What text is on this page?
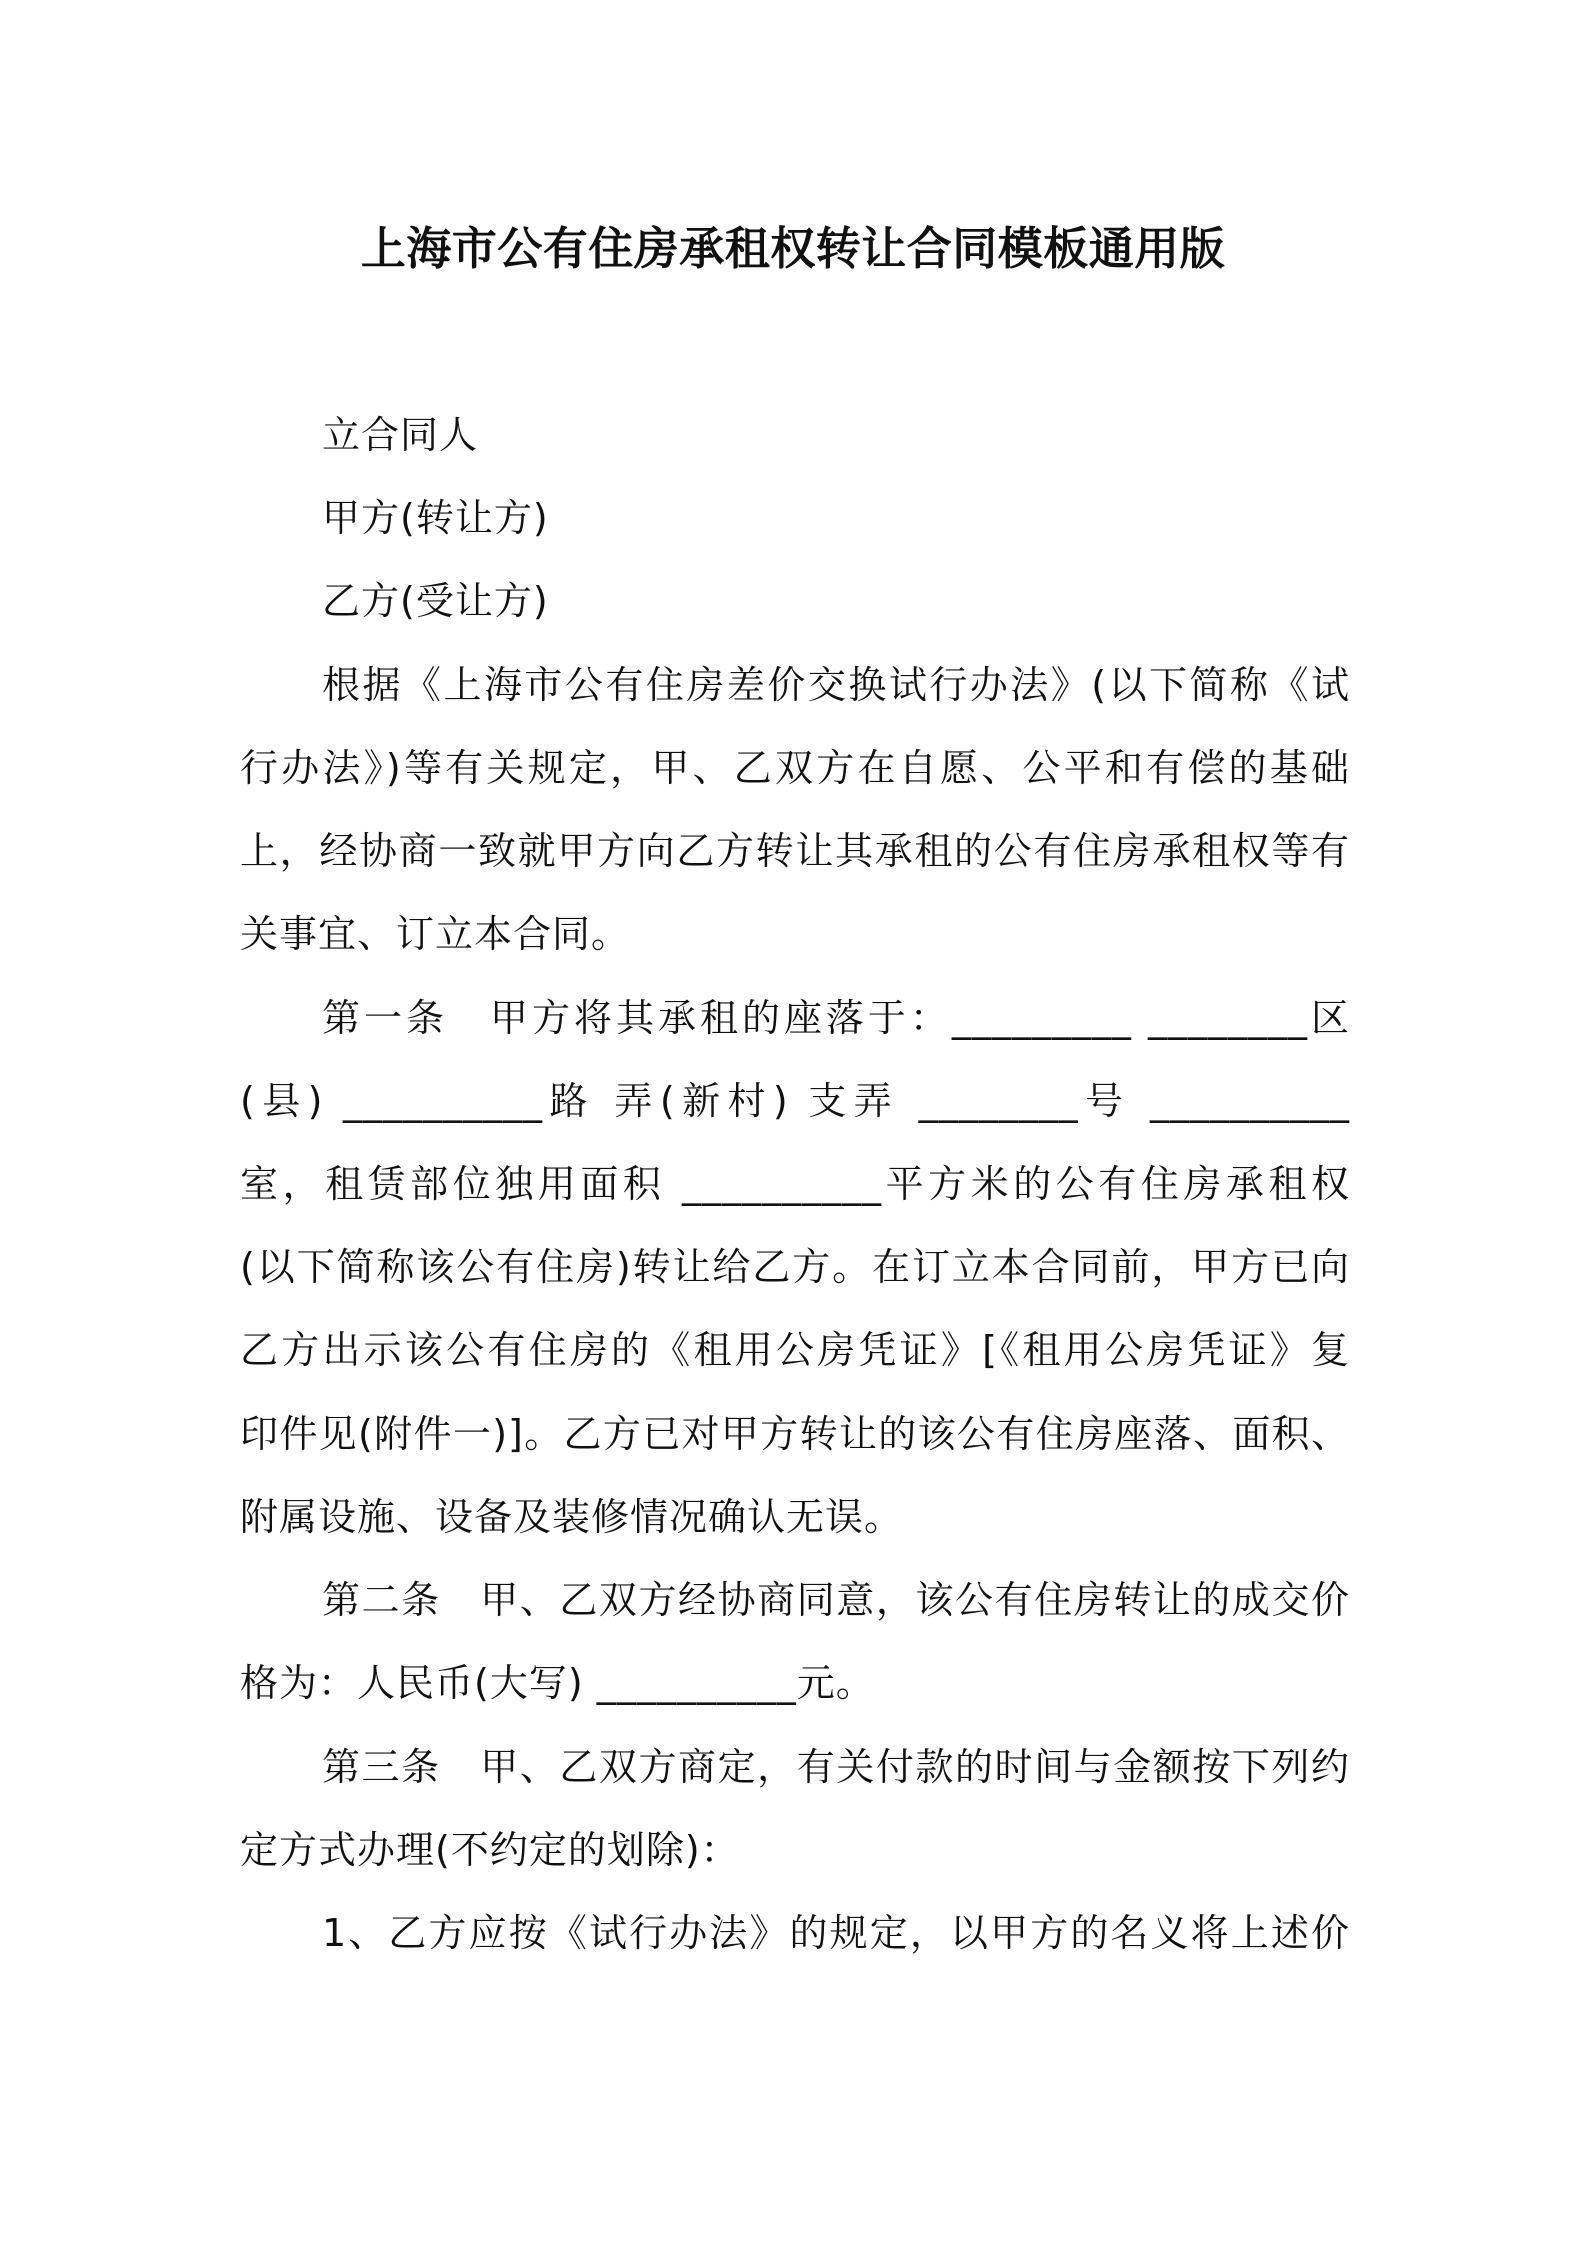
上海市公有住房承租权转让合同模板通用版
立合同人
甲方(转让方)
乙方(受让方)
根据《上海市公有住房差价交换试行办法》(以下简称《试
行办法》)等有关规定，甲、乙双方在自愿、公平和有偿的基础
上，经协商一致就甲方向乙方转让其承租的公有住房承租权等有
关事宜、订立本合同。
第一条　甲方将其承租的座落于：_________ ________区
(县) __________路 弄(新村) 支弄 ________号 __________
室，租赁部位独用面积 __________平方米的公有住房承租权
(以下简称该公有住房)转让给乙方。在订立本合同前，甲方已向
乙方出示该公有住房的《租用公房凭证》[《租用公房凭证》复
印件见(附件一)]。乙方已对甲方转让的该公有住房座落、面积、
附属设施、设备及装修情况确认无误。
第二条　甲、乙双方经协商同意，该公有住房转让的成交价
格为：人民币(大写) __________元。
第三条　甲、乙双方商定，有关付款的时间与金额按下列约
定方式办理(不约定的划除)：
1、乙方应按《试行办法》的规定，以甲方的名义将上述价
